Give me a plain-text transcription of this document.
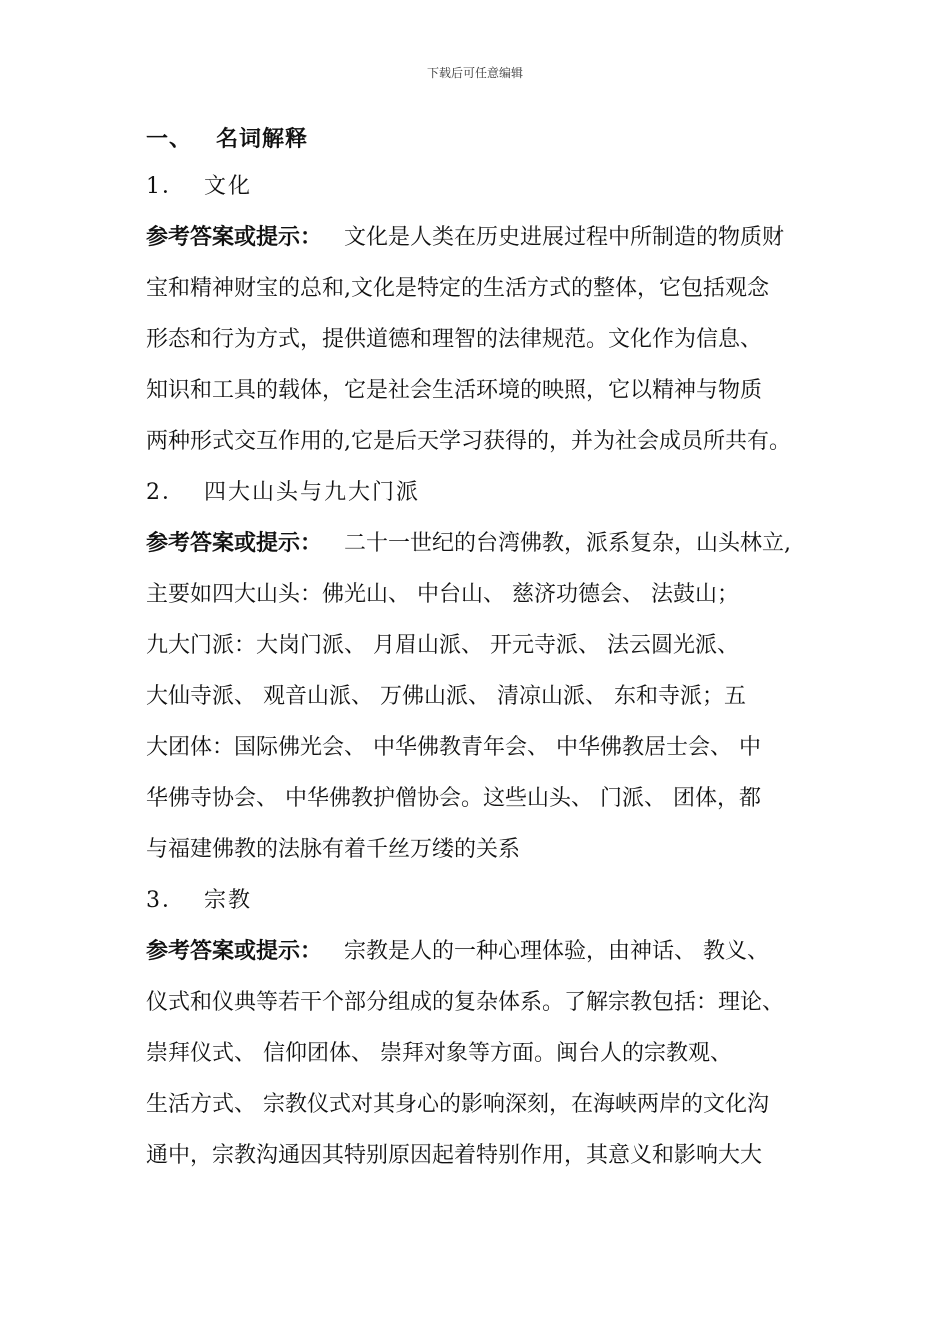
下载后可任意编辑
一、 名词解释
1． 文化
参考答案或提示： 文化是人类在历史进展过程中所制造的物质财
宝和精神财宝的总和,文化是特定的生活方式的整体，它包括观念
形态和行为方式，提供道德和理智的法律规范。文化作为信息、
知识和工具的载体，它是社会生活环境的映照，它以精神与物质
两种形式交互作用的,它是后天学习获得的，并为社会成员所共有。
2． 四大山头与九大门派
参考答案或提示： 二十一世纪的台湾佛教，派系复杂，山头林立,
主要如四大山头：佛光山、 中台山、 慈济功德会、 法鼓山；
九大门派：大岗门派、 月眉山派、 开元寺派、 法云圆光派、
大仙寺派、 观音山派、 万佛山派、 清凉山派、 东和寺派；五
大团体：国际佛光会、 中华佛教青年会、 中华佛教居士会、 中
华佛寺协会、 中华佛教护僧协会。这些山头、 门派、 团体，都
与福建佛教的法脉有着千丝万缕的关系
3． 宗教
参考答案或提示： 宗教是人的一种心理体验，由神话、 教义、
仪式和仪典等若干个部分组成的复杂体系。了解宗教包括：理论、
崇拜仪式、 信仰团体、 崇拜对象等方面。闽台人的宗教观、
生活方式、 宗教仪式对其身心的影响深刻，在海峡两岸的文化沟
通中，宗教沟通因其特别原因起着特别作用，其意义和影响大大
